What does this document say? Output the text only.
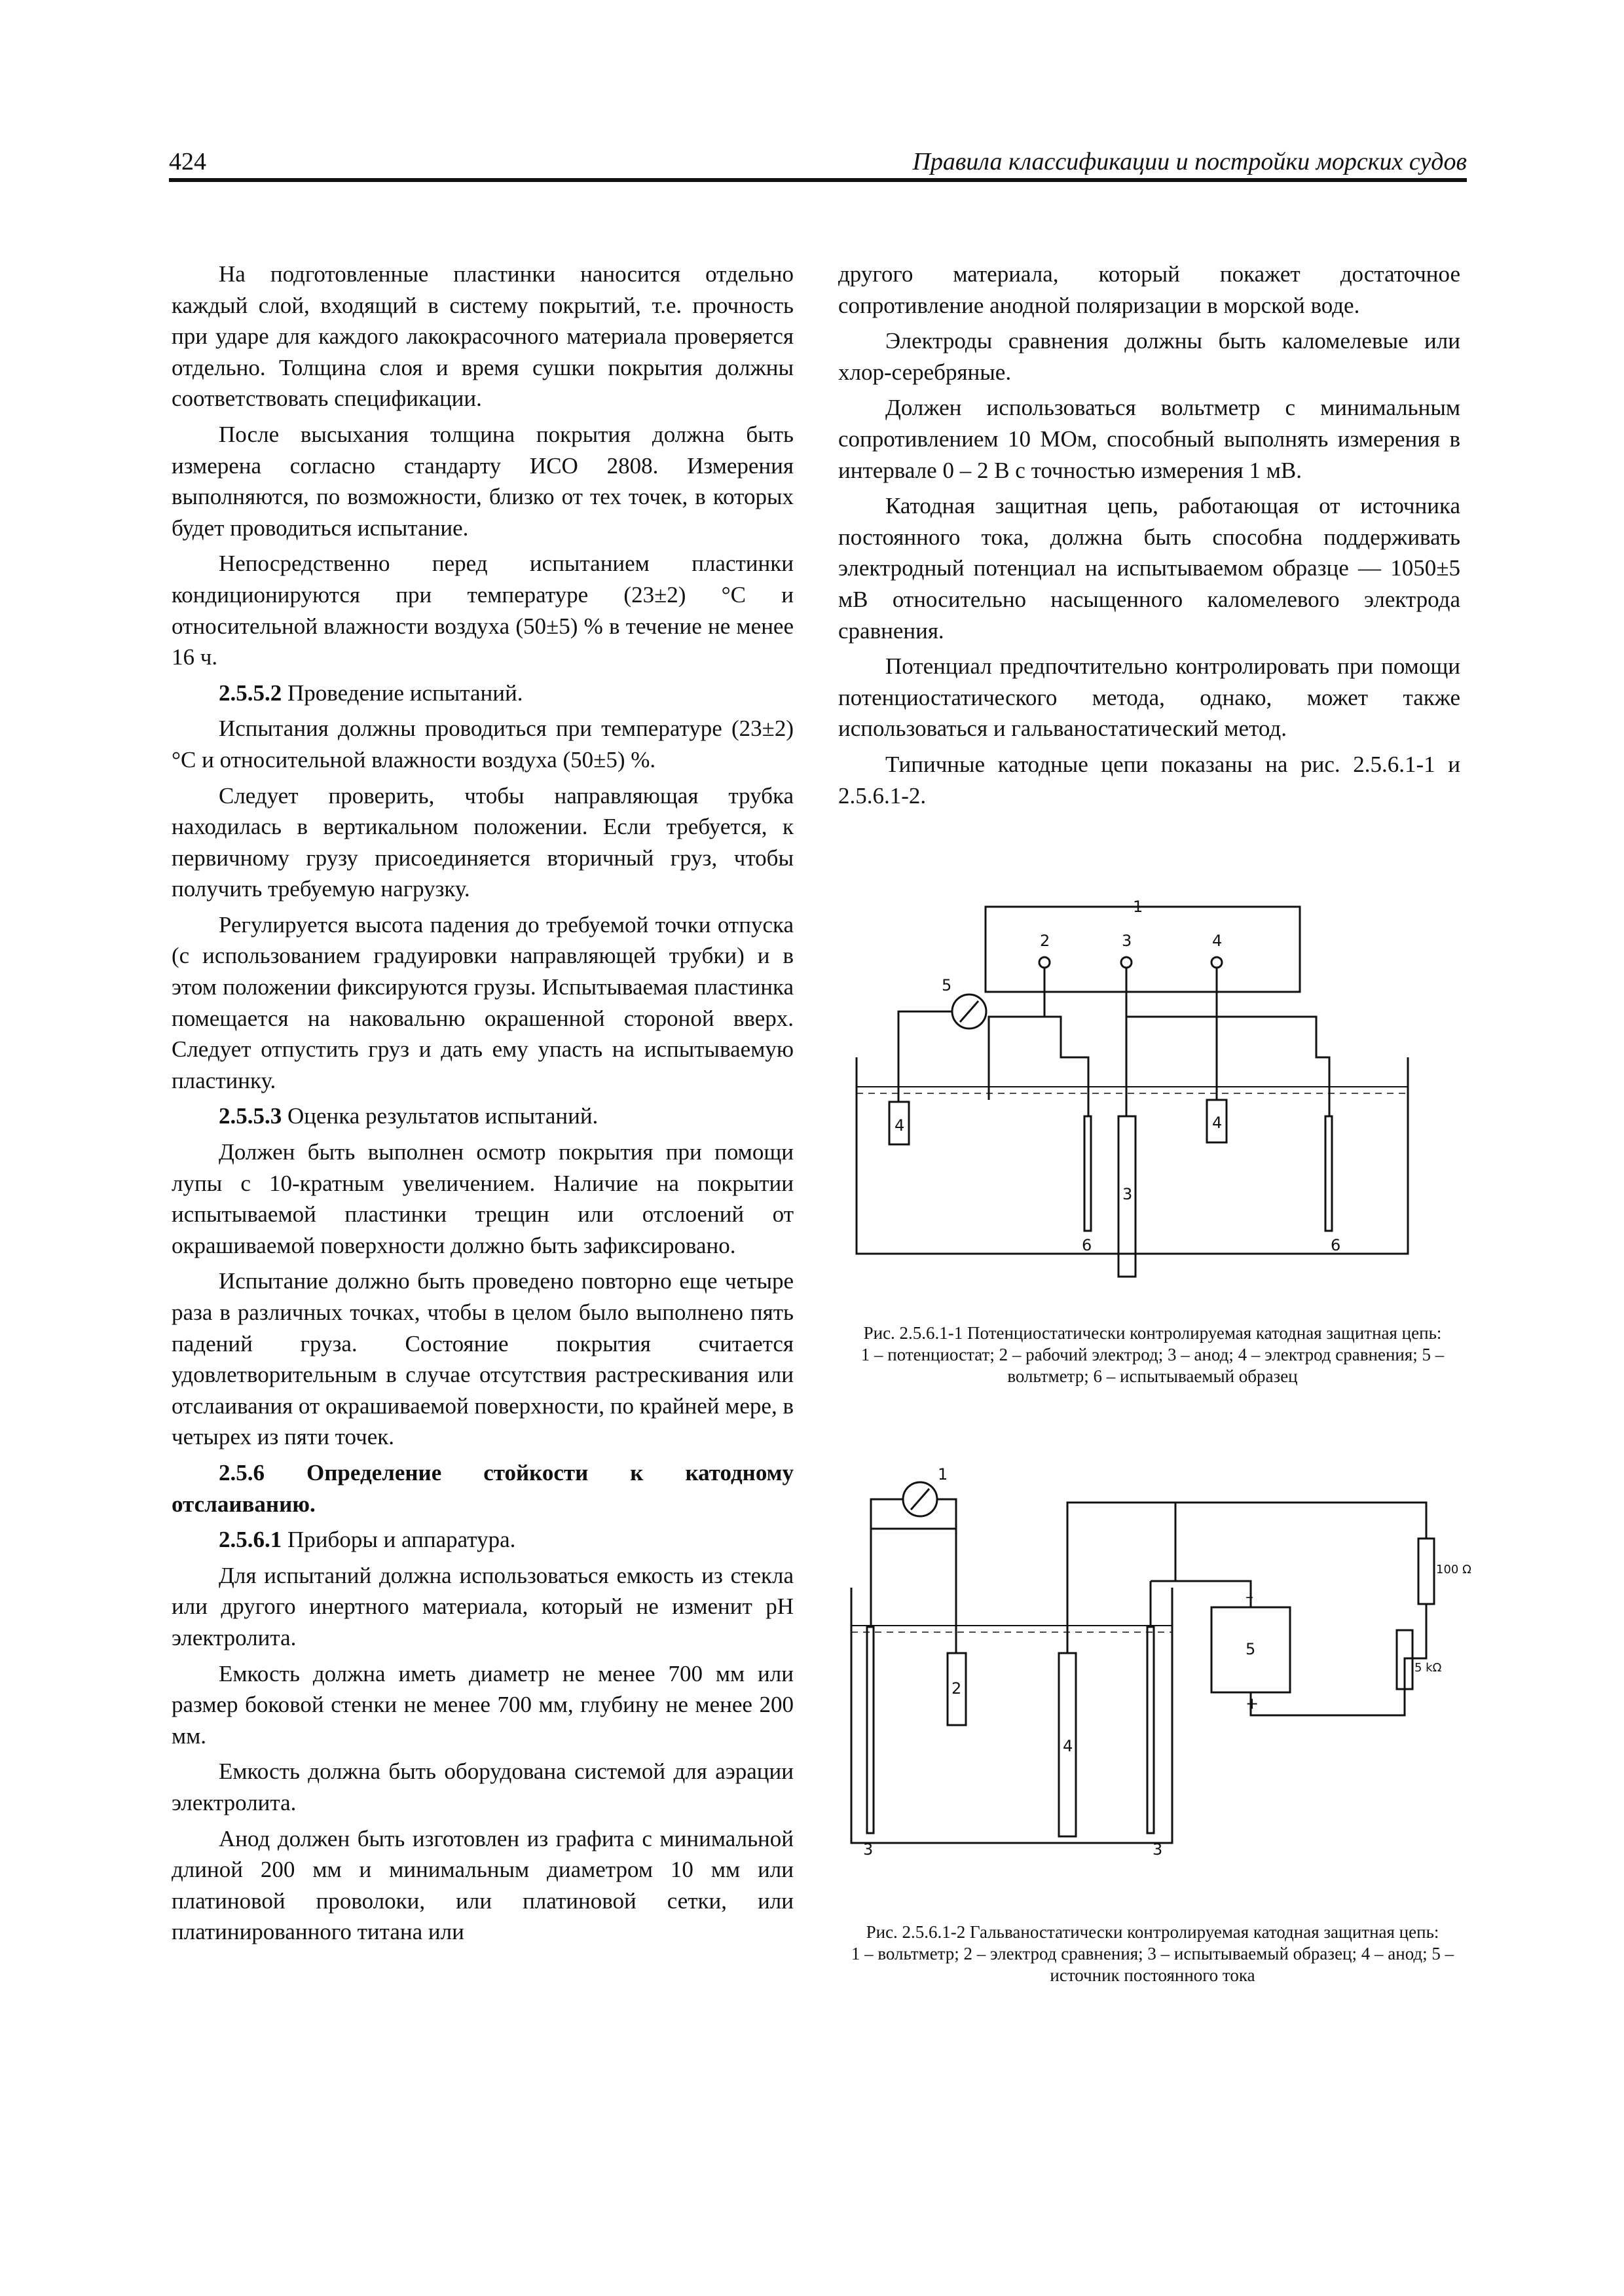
424	Правила классификации и постройки морских судов

На подготовленные пластинки наносится отдельно каждый слой, входящий в систему покрытий, т.е. прочность при ударе для каждого лакокрасочного материала проверяется отдельно. Толщина слоя и время сушки покрытия должны соответствовать спецификации.

После высыхания толщина покрытия должна быть измерена согласно стандарту ИСО 2808. Измерения выполняются, по возможности, близко от тех точек, в которых будет проводиться испытание.

Непосредственно перед испытанием пластинки кондиционируются при температуре (23±2) °С и относительной влажности воздуха (50±5) % в течение не менее 16 ч.

2.5.5.2 Проведение испытаний.

Испытания должны проводиться при температуре (23±2) °С и относительной влажности воздуха (50±5) %.

Следует проверить, чтобы направляющая трубка находилась в вертикальном положении. Если требуется, к первичному грузу присоединяется вторичный груз, чтобы получить требуемую нагрузку.

Регулируется высота падения до требуемой точки отпуска (с использованием градуировки направляющей трубки) и в этом положении фиксируются грузы. Испытываемая пластинка помещается на наковальню окрашенной стороной вверх. Следует отпустить груз и дать ему упасть на испытываемую пластинку.

2.5.5.3 Оценка результатов испытаний.

Должен быть выполнен осмотр покрытия при помощи лупы с 10-кратным увеличением. Наличие на покрытии испытываемой пластинки трещин или отслоений от окрашиваемой поверхности должно быть зафиксировано.

Испытание должно быть проведено повторно еще четыре раза в различных точках, чтобы в целом было выполнено пять падений груза. Состояние покрытия считается удовлетворительным в случае отсутствия растрескивания или отслаивания от окрашиваемой поверхности, по крайней мере, в четырех из пяти точек.

2.5.6 Определение стойкости к катодному отслаиванию.

2.5.6.1 Приборы и аппаратура.

Для испытаний должна использоваться емкость из стекла или другого инертного материала, который не изменит pH электролита.

Емкость должна иметь диаметр не менее 700 мм или размер боковой стенки не менее 700 мм, глубину не менее 200 мм.

Емкость должна быть оборудована системой для аэрации электролита.

Анод должен быть изготовлен из графита с минимальной длиной 200 мм и минимальным диаметром 10 мм или платиновой проволоки, или платиновой сетки, или платинированного титана или

другого материала, который покажет достаточное сопротивление анодной поляризации в морской воде.

Электроды сравнения должны быть каломелевые или хлор-серебряные.

Должен использоваться вольтметр с минимальным сопротивлением 10 МОм, способный выполнять измерения в интервале 0 – 2 В с точностью измерения 1 мВ.

Катодная защитная цепь, работающая от источника постоянного тока, должна быть способна поддерживать электродный потенциал на испытываемом образце — 1050±5 мВ относительно насыщенного каломелевого электрода сравнения.

Потенциал предпочтительно контролировать при помощи потенциостатического метода, однако, может также использоваться и гальваностатический метод.

Типичные катодные цепи показаны на рис. 2.5.6.1-1 и 2.5.6.1-2.

1
2	3	4
5
4	4
3
6	6
Рис. 2.5.6.1-1 Потенциостатически контролируемая катодная защитная цепь:
1 – потенциостат; 2 – рабочий электрод; 3 – анод; 4 – электрод сравнения; 5 – вольтметр; 6 – испытываемый образец
1
100 Ω
5
–
+
5 kΩ
2
4
3	3
Рис. 2.5.6.1-2 Гальваностатически контролируемая катодная защитная цепь:
1 – вольтметр; 2 – электрод сравнения; 3 – испытываемый образец; 4 – анод; 5 – источник постоянного тока
